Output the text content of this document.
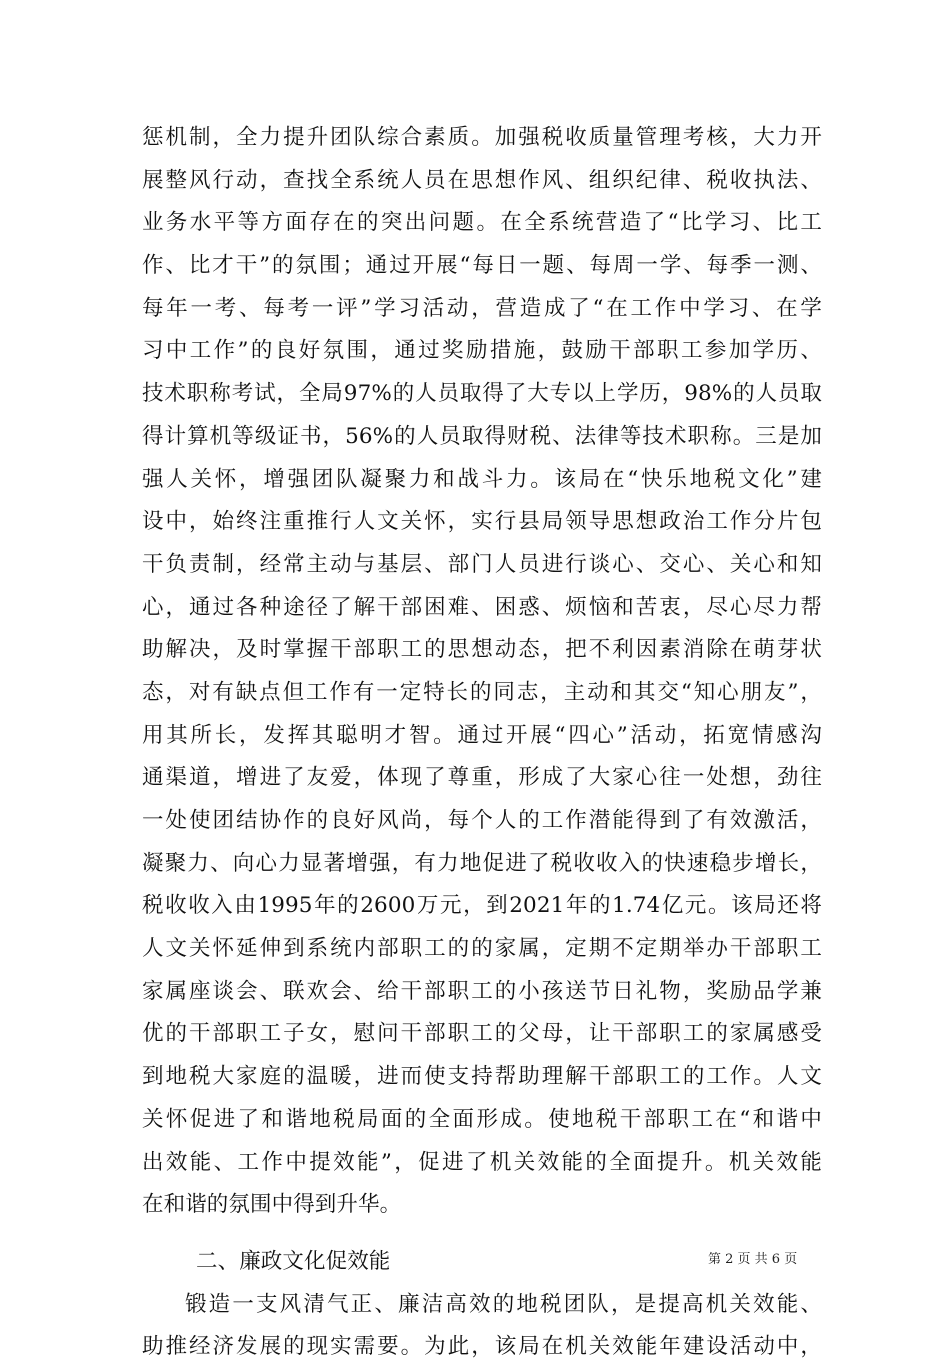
惩机制，全力提升团队综合素质。加强税收质量管理考核，大力开
展整风行动，查找全系统人员在思想作风、组织纪律、税收执法、
业务水平等方面存在的突出问题。在全系统营造了“比学习、比工
作、比才干”的氛围；通过开展“每日一题、每周一学、每季一测、
每年一考、每考一评”学习活动，营造成了“在工作中学习、在学
习中工作”的良好氛围，通过奖励措施，鼓励干部职工参加学历、
技术职称考试，全局97%的人员取得了大专以上学历，98%的人员取
得计算机等级证书，56%的人员取得财税、法律等技术职称。三是加
强人关怀，增强团队凝聚力和战斗力。该局在“快乐地税文化”建
设中，始终注重推行人文关怀，实行县局领导思想政治工作分片包
干负责制，经常主动与基层、部门人员进行谈心、交心、关心和知
心，通过各种途径了解干部困难、困惑、烦恼和苦衷，尽心尽力帮
助解决，及时掌握干部职工的思想动态，把不利因素消除在萌芽状
态，对有缺点但工作有一定特长的同志，主动和其交“知心朋友”，
用其所长，发挥其聪明才智。通过开展“四心”活动，拓宽情感沟
通渠道，增进了友爱，体现了尊重，形成了大家心往一处想，劲往
一处使团结协作的良好风尚，每个人的工作潜能得到了有效激活，
凝聚力、向心力显著增强，有力地促进了税收收入的快速稳步增长，
税收收入由1995年的2600万元，到2021年的1.74亿元。该局还将
人文关怀延伸到系统内部职工的的家属，定期不定期举办干部职工
家属座谈会、联欢会、给干部职工的小孩送节日礼物，奖励品学兼
优的干部职工子女，慰问干部职工的父母，让干部职工的家属感受
到地税大家庭的温暖，进而使支持帮助理解干部职工的工作。人文
关怀促进了和谐地税局面的全面形成。使地税干部职工在“和谐中
出效能、工作中提效能”，促进了机关效能的全面提升。机关效能
在和谐的氛围中得到升华。
二、廉政文化促效能
锻造一支风清气正、廉洁高效的地税团队，是提高机关效能、
助推经济发展的现实需要。为此，该局在机关效能年建设活动中，
第 2 页 共 6 页
